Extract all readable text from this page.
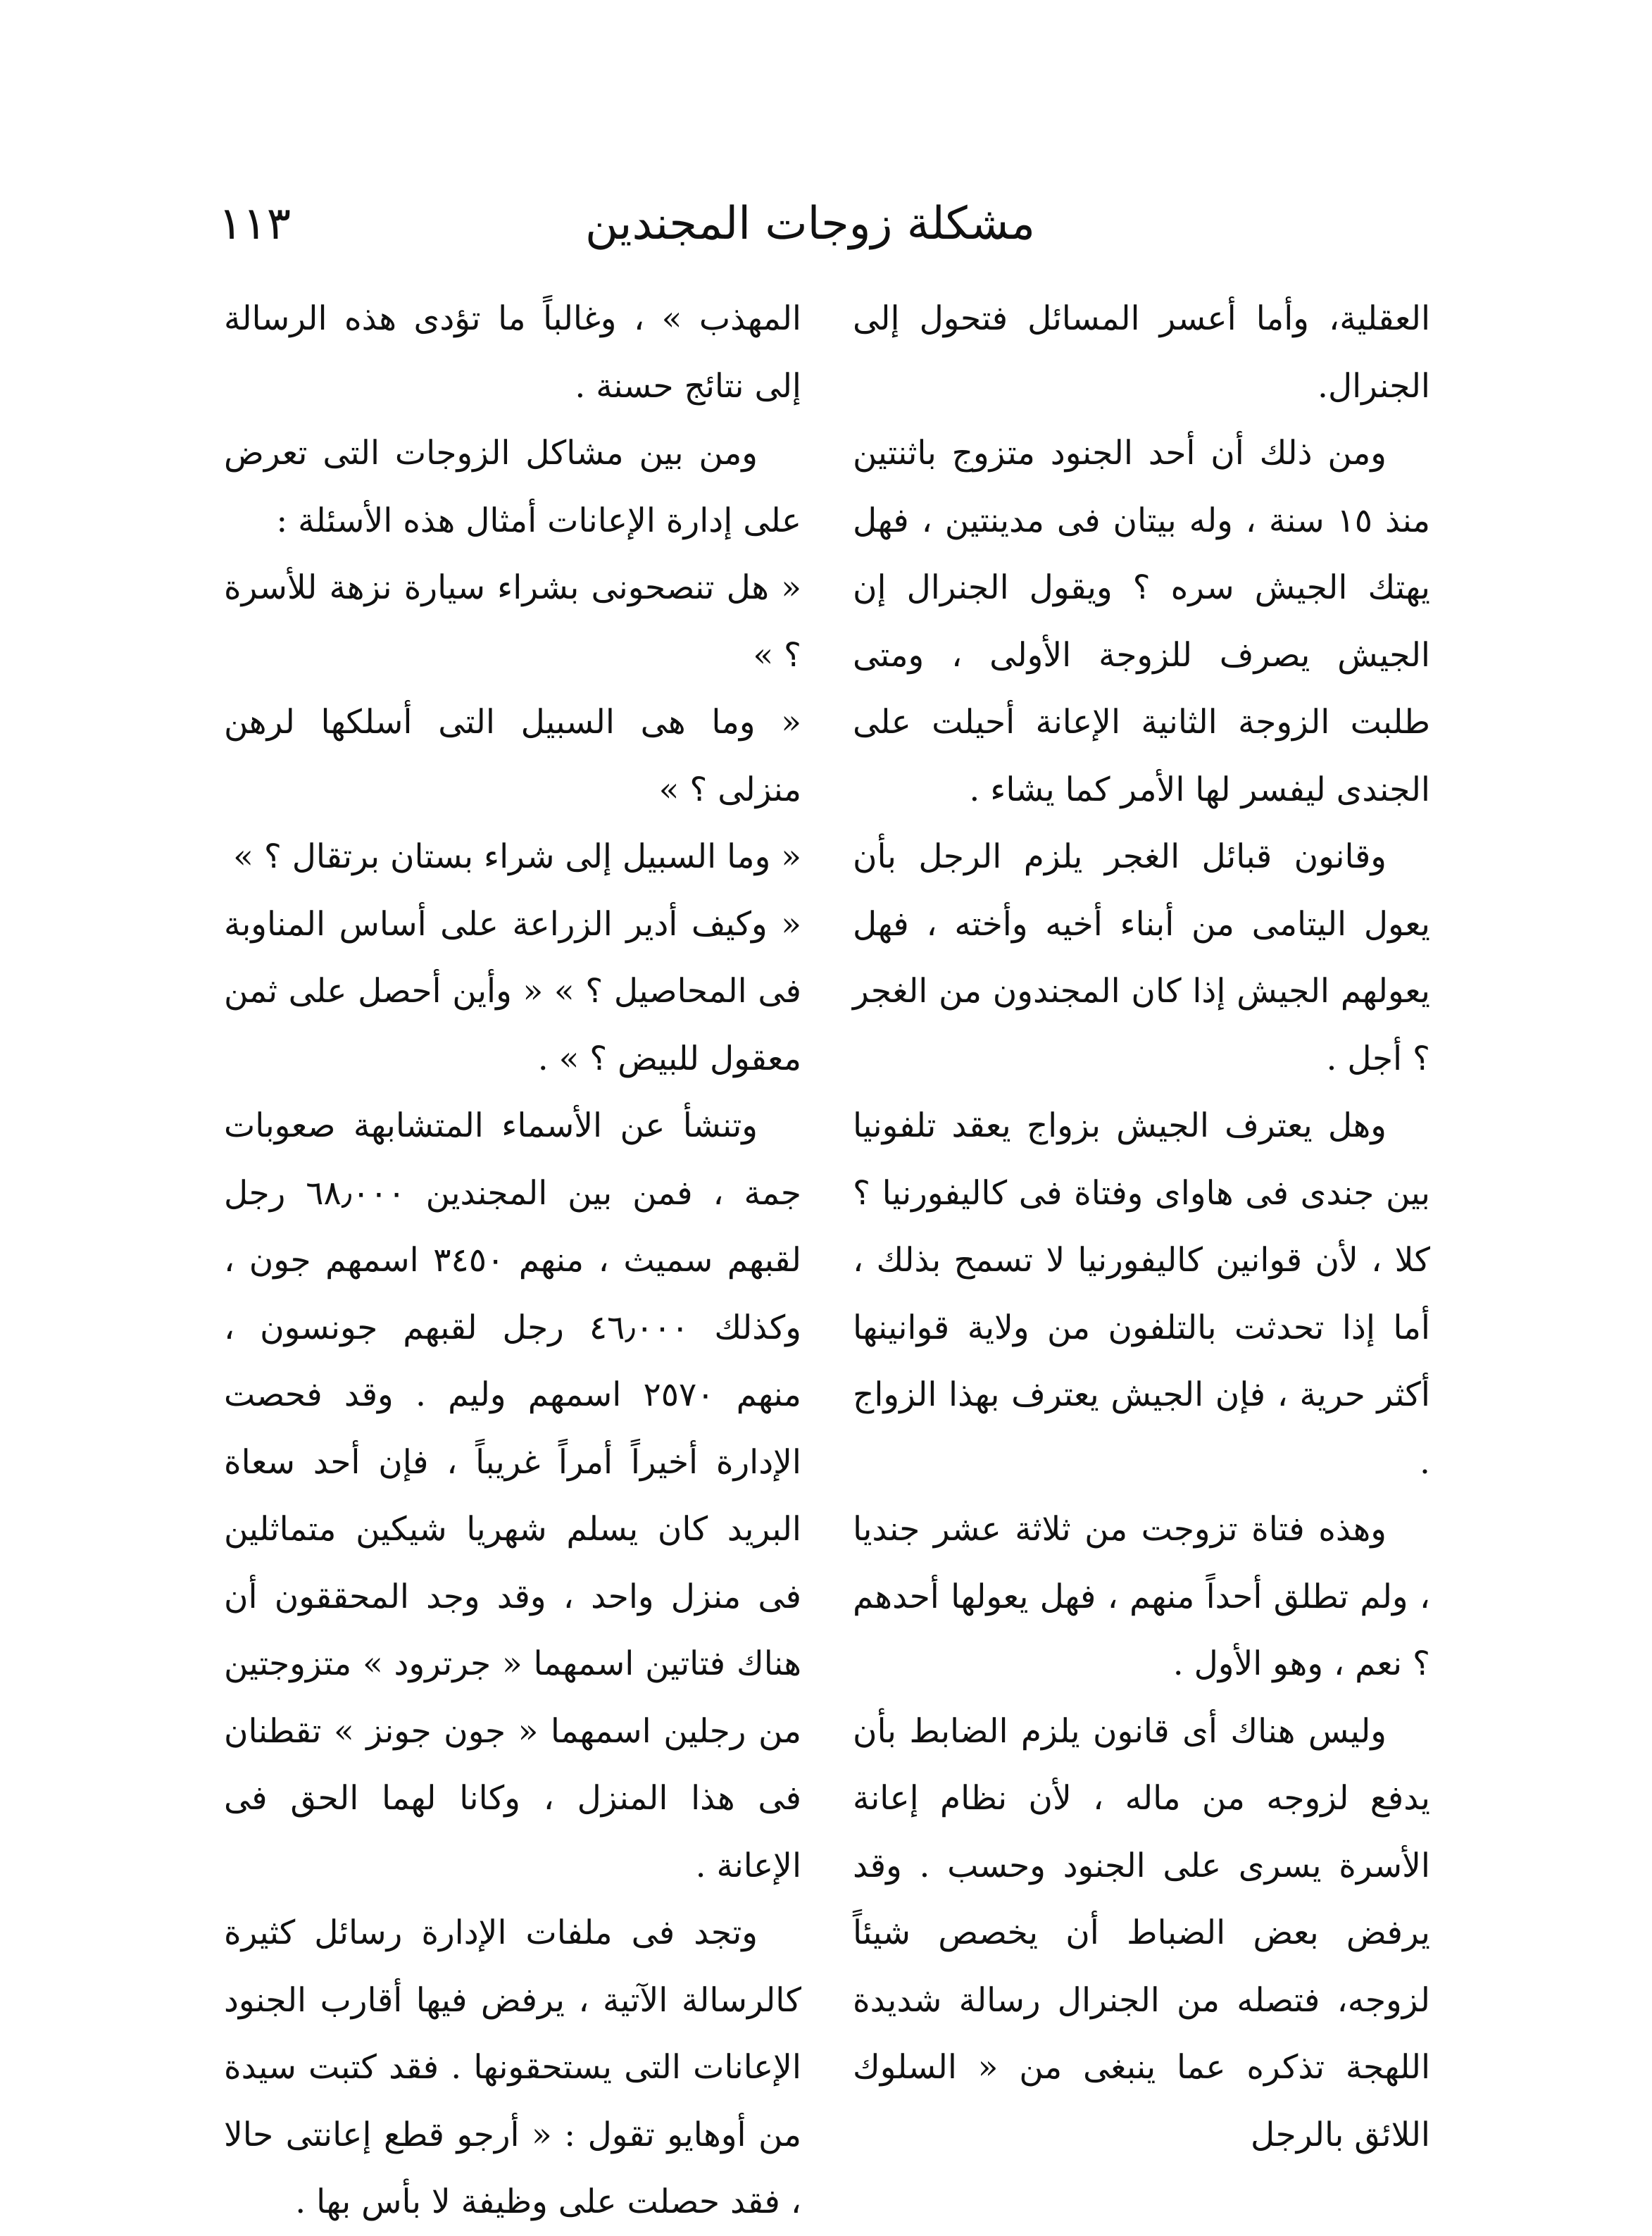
مشكلة زوجات المجندين
١١٣

العقلية، وأما أعسر المسائل فتحول إلى الجنرال.

ومن ذلك أن أحد الجنود متزوج باثنتين منذ ١٥ سنة ، وله بيتان فى مدينتين ، فهل يهتك الجيش سره ؟ ويقول الجنرال إن الجيش يصرف للزوجة الأولى ، ومتى طلبت الزوجة الثانية الإعانة أحيلت على الجندى ليفسر لها الأمر كما يشاء .

وقانون قبائل الغجر يلزم الرجل بأن يعول اليتامى من أبناء أخيه وأخته ، فهل يعولهم الجيش إذا كان المجندون من الغجر ؟ أجل .

وهل يعترف الجيش بزواج يعقد تلفونيا بين جندى فى هاواى وفتاة فى كاليفورنيا ؟ كلا ، لأن قوانين كاليفورنيا لا تسمح بذلك ، أما إذا تحدثت بالتلفون من ولاية قوانينها أكثر حرية ، فإن الجيش يعترف بهذا الزواج .

وهذه فتاة تزوجت من ثلاثة عشر جنديا ، ولم تطلق أحداً منهم ، فهل يعولها أحدهم ؟ نعم ، وهو الأول .

وليس هناك أى قانون يلزم الضابط بأن يدفع لزوجه من ماله ، لأن نظام إعانة الأسرة يسرى على الجنود وحسب . وقد يرفض بعض الضباط أن يخصص شيئاً لزوجه، فتصله من الجنرال رسالة شديدة اللهجة تذكره عما ينبغى من « السلوك اللائق بالرجل

المهذب » ، وغالباً ما تؤدى هذه الرسالة إلى نتائج حسنة .

ومن بين مشاكل الزوجات التى تعرض على إدارة الإعانات أمثال هذه الأسئلة :

« هل تنصحونى بشراء سيارة نزهة للأسرة ؟ »

« وما هى السبيل التى أسلكها لرهن منزلى ؟ »

« وما السبيل إلى شراء بستان برتقال ؟ »

« وكيف أدير الزراعة على أساس المناوبة فى المحاصيل ؟ » « وأين أحصل على ثمن معقول للبيض ؟ » .

وتنشأ عن الأسماء المتشابهة صعوبات جمة ، فمن بين المجندين ٦٨٫٠٠٠ رجل لقبهم سميث ، منهم ٣٤٥٠ اسمهم جون ، وكذلك ٤٦٫٠٠٠ رجل لقبهم جونسون ، منهم ٢٥٧٠ اسمهم وليم . وقد فحصت الإدارة أخيراً أمراً غريباً ، فإن أحد سعاة البريد كان يسلم شهريا شيكين متماثلين فى منزل واحد ، وقد وجد المحققون أن هناك فتاتين اسمهما « جرترود » متزوجتين من رجلين اسمهما « جون جونز » تقطنان فى هذا المنزل ، وكانا لهما الحق فى الإعانة .

وتجد فى ملفات الإدارة رسائل كثيرة كالرسالة الآتية ، يرفض فيها أقارب الجنود الإعانات التى يستحقونها . فقد كتبت سيدة من أوهايو تقول : « أرجو قطع إعانتى حالا ، فقد حصلت على وظيفة لا بأس بها .
